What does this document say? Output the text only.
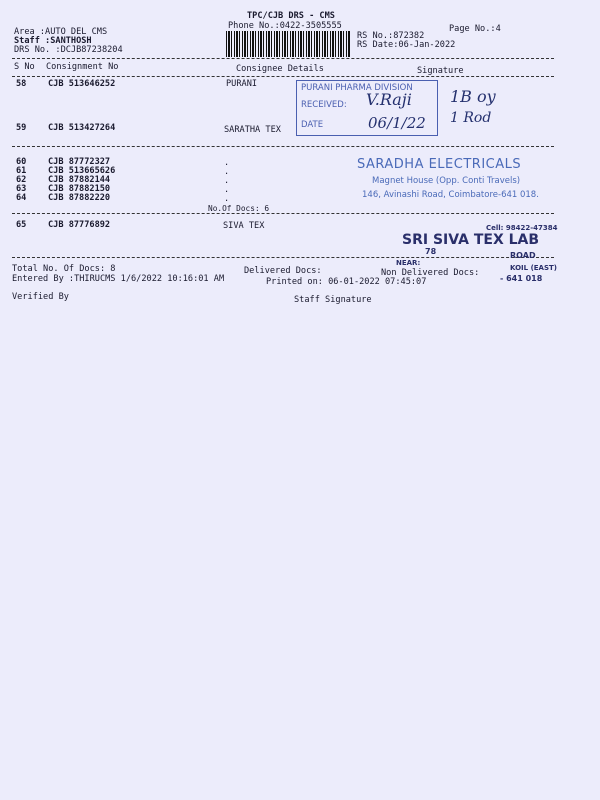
TPC/CJB DRS - CMS
Phone No.:0422-3505555	Page No.:4
Area :AUTO DEL CMS
Staff :SANTHOSH
DRS No. :DCJB87238204
RS No.:872382
RS Date:06-Jan-2022
S No Consignment No	Consignee Details	Signature
58	CJB 513646252	PURANI
59	CJB 513427264	SARATHA TEX
60	CJB 87772327	.
61	CJB 513665626	.
62	CJB 87882144	.
63	CJB 87882150	.
64	CJB 87882220	.
No.Of Docs: 6
65	CJB 87776892	SIVA TEX
PURANI PHARMA DIVISION
RECEIVED:
DATE
V.Raji
06/1/22
1B oy
1 Rod
SARADHA ELECTRICALS
Magnet House (Opp. Conti Travels)
146, Avinashi Road, Coimbatore-641 018.
Cell: 98422-47384
SRI SIVA TEX LAB
78	ROAD
NEAR:
KOIL (EAST)
- 641 018
Total No. Of Docs: 8	Delivered Docs:	Non Delivered Docs:
Entered By :THIRUCMS 1/6/2022 10:16:01 AM	Printed on: 06-01-2022 07:45:07
Verified By	Staff Signature
